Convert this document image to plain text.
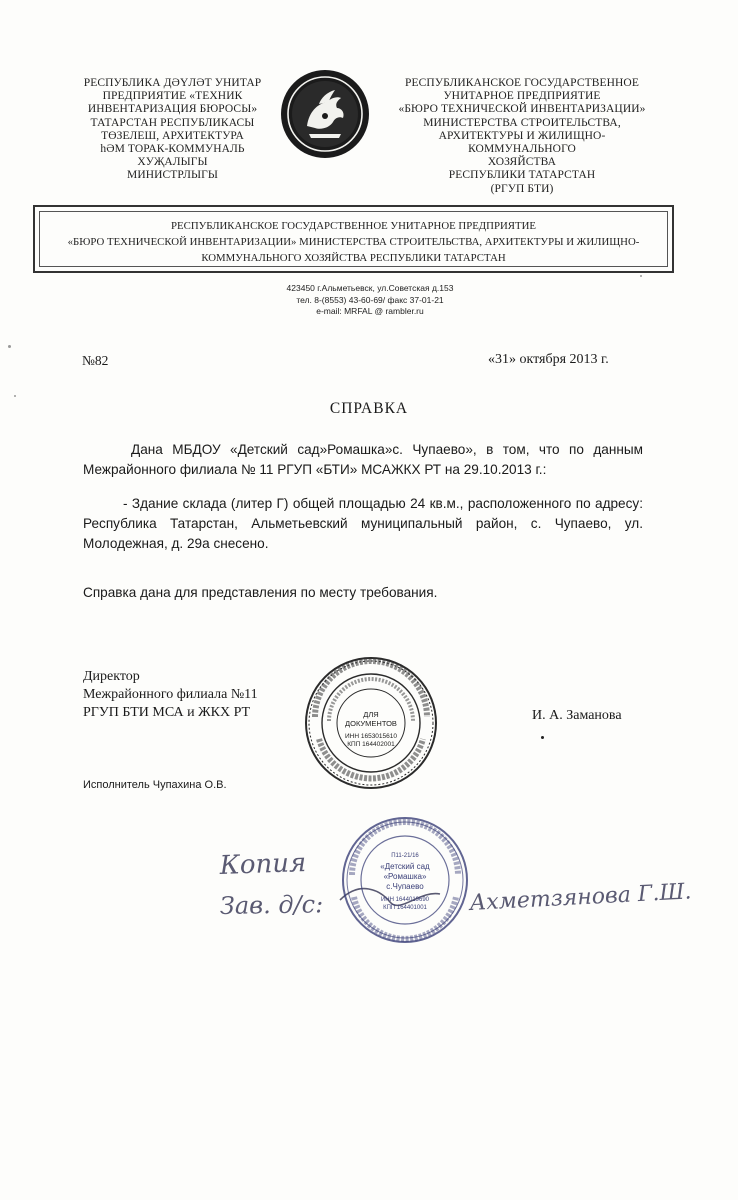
РЕСПУБЛИКА ДӘҮЛӘТ УНИТАР
ПРЕДПРИЯТИЕ «ТЕХНИК
ИНВЕНТАРИЗАЦИЯ БЮРОСЫ»
ТАТАРСТАН РЕСПУБЛИКАСЫ
ТӨЗЕЛЕШ, АРХИТЕКТУРА
һӘМ ТОРАК-КОММУНАЛЬ
ХУҖАЛЫГЫ
МИНИСТРЛЫГЫ
РЕСПУБЛИКАНСКОЕ ГОСУДАРСТВЕННОЕ
УНИТАРНОЕ ПРЕДПРИЯТИЕ
«БЮРО ТЕХНИЧЕСКОЙ ИНВЕНТАРИЗАЦИИ»
МИНИСТЕРСТВА СТРОИТЕЛЬСТВА,
АРХИТЕКТУРЫ И ЖИЛИЩНО-
КОММУНАЛЬНОГО
ХОЗЯЙСТВА
РЕСПУБЛИКИ ТАТАРСТАН
(РГУП БТИ)
РЕСПУБЛИКАНСКОЕ ГОСУДАРСТВЕННОЕ УНИТАРНОЕ ПРЕДПРИЯТИЕ
«БЮРО ТЕХНИЧЕСКОЙ ИНВЕНТАРИЗАЦИИ» МИНИСТЕРСТВА СТРОИТЕЛЬСТВА, АРХИТЕКТУРЫ И ЖИЛИЩНО-
КОММУНАЛЬНОГО ХОЗЯЙСТВА РЕСПУБЛИКИ ТАТАРСТАН
423450 г.Альметьевск, ул.Советская д.153
тел. 8-(8553) 43-60-69/ факс 37-01-21
e-mail: MRFAL @ rambler.ru
№82	«31» октября 2013 г.
СПРАВКА
Дана МБДОУ «Детский сад»Ромашка»с. Чупаево», в том, что по данным Межрайонного филиала № 11 РГУП «БТИ» МСАЖКХ РТ на 29.10.2013 г.:
- Здание склада (литер Г) общей площадью 24 кв.м., расположенного по адресу: Республика Татарстан, Альметьевский муниципальный район, с. Чупаево, ул. Молодежная, д. 29а снесено.
Справка дана для представления по месту требования.
Директор
Межрайонного филиала №11
РГУП БТИ МСА и ЖКХ РТ	И. А. Заманова
Исполнитель Чупахина О.В.
ДЛЯ
ДОКУМЕНТОВ
ИНН 1653015610
КПП 164402001
Копия
Зав. д/с:	Ахметзянова Г.Ш.
П11-21/16
«Детский сад
«Ромашка»
с.Чупаево
ИНН 1644019690
КПП 164401001
